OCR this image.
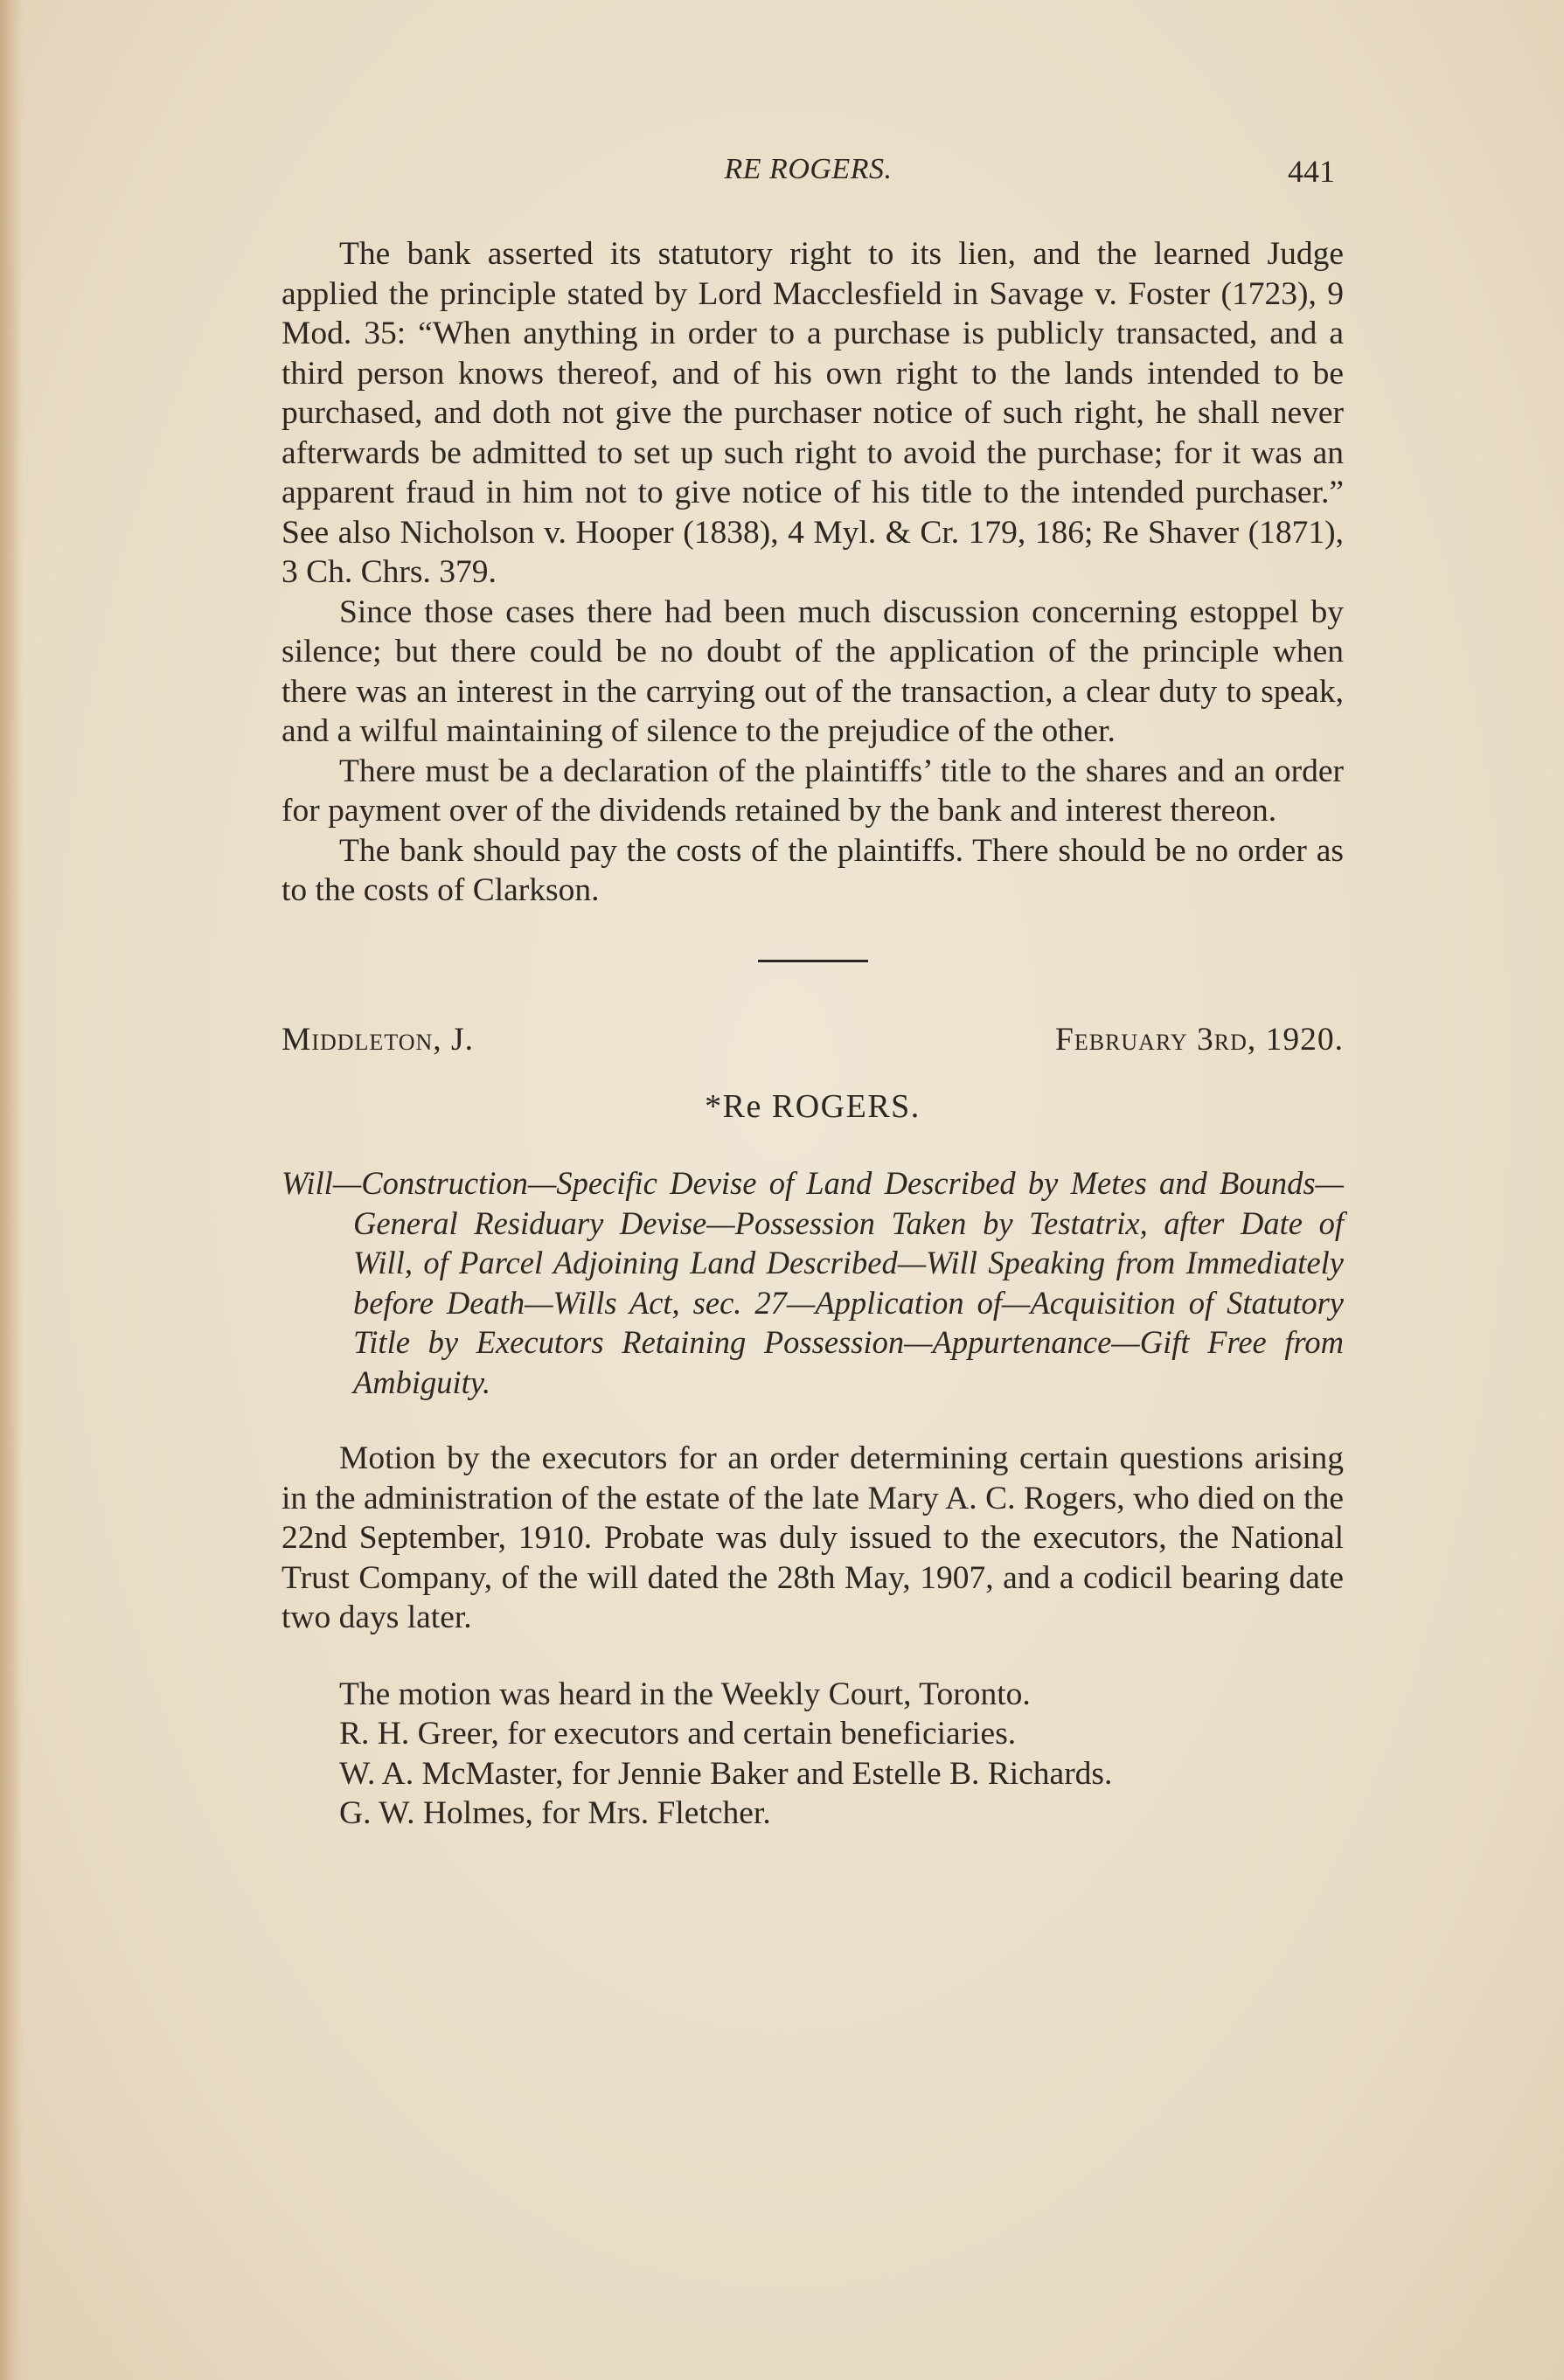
RE ROGERS.	441

The bank asserted its statutory right to its lien, and the learned Judge applied the principle stated by Lord Macclesfield in Savage v. Foster (1723), 9 Mod. 35: “When anything in order to a purchase is publicly transacted, and a third person knows thereof, and of his own right to the lands intended to be purchased, and doth not give the purchaser notice of such right, he shall never afterwards be admitted to set up such right to avoid the purchase; for it was an apparent fraud in him not to give notice of his title to the intended purchaser.” See also Nicholson v. Hooper (1838), 4 Myl. & Cr. 179, 186; Re Shaver (1871), 3 Ch. Chrs. 379.

Since those cases there had been much discussion concerning estoppel by silence; but there could be no doubt of the application of the principle when there was an interest in the carrying out of the transaction, a clear duty to speak, and a wilful maintaining of silence to the prejudice of the other.

There must be a declaration of the plaintiffs’ title to the shares and an order for payment over of the dividends retained by the bank and interest thereon.

The bank should pay the costs of the plaintiffs. There should be no order as to the costs of Clarkson.

Middleton, J.	February 3rd, 1920.
*Re ROGERS.
Will—Construction—Specific Devise of Land Described by Metes and Bounds—General Residuary Devise—Possession Taken by Testatrix, after Date of Will, of Parcel Adjoining Land Described—Will Speaking from Immediately before Death—Wills Act, sec. 27—Application of—Acquisition of Statutory Title by Executors Retaining Possession—Appurtenance—Gift Free from Ambiguity.

Motion by the executors for an order determining certain questions arising in the administration of the estate of the late Mary A. C. Rogers, who died on the 22nd September, 1910. Probate was duly issued to the executors, the National Trust Company, of the will dated the 28th May, 1907, and a codicil bearing date two days later.

The motion was heard in the Weekly Court, Toronto.

R. H. Greer, for executors and certain beneficiaries.

W. A. McMaster, for Jennie Baker and Estelle B. Richards.

G. W. Holmes, for Mrs. Fletcher.
